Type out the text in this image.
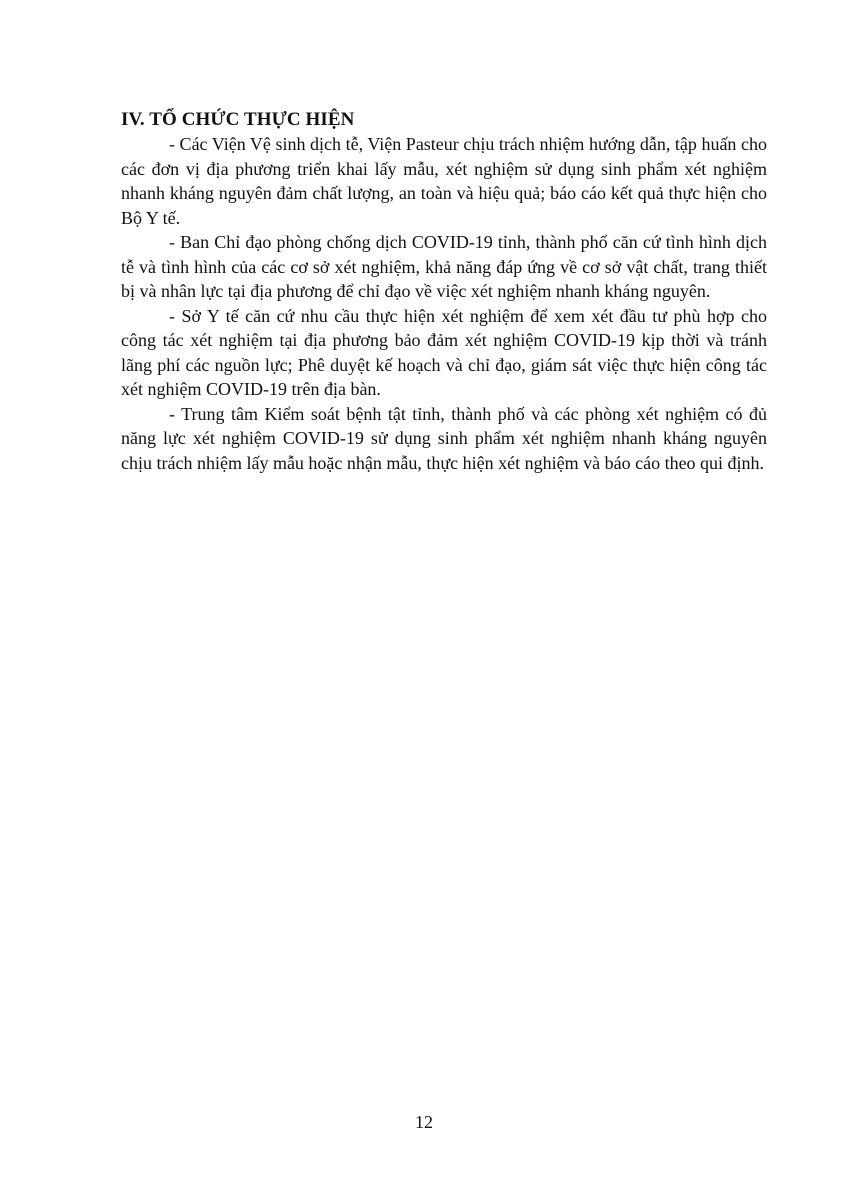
IV. TỔ CHỨC THỰC HIỆN

- Các Viện Vệ sinh dịch tễ, Viện Pasteur chịu trách nhiệm hướng dẫn, tập huấn cho các đơn vị địa phương triển khai lấy mẫu, xét nghiệm sử dụng sinh phẩm xét nghiệm nhanh kháng nguyên đảm chất lượng, an toàn và hiệu quả; báo cáo kết quả thực hiện cho Bộ Y tế.

- Ban Chỉ đạo phòng chống dịch COVID-19 tỉnh, thành phố căn cứ tình hình dịch tễ và tình hình của các cơ sở xét nghiệm, khả năng đáp ứng về cơ sở vật chất, trang thiết bị và nhân lực tại địa phương để chỉ đạo về việc xét nghiệm nhanh kháng nguyên.

- Sở Y tế căn cứ nhu cầu thực hiện xét nghiệm để xem xét đầu tư phù hợp cho công tác xét nghiệm tại địa phương bảo đảm xét nghiệm COVID-19 kịp thời và tránh lãng phí các nguồn lực; Phê duyệt kế hoạch và chỉ đạo, giám sát việc thực hiện công tác xét nghiệm COVID-19 trên địa bàn.

- Trung tâm Kiểm soát bệnh tật tỉnh, thành phố và các phòng xét nghiệm có đủ năng lực xét nghiệm COVID-19 sử dụng sinh phẩm xét nghiệm nhanh kháng nguyên chịu trách nhiệm lấy mẫu hoặc nhận mẫu, thực hiện xét nghiệm và báo cáo theo qui định.

12
